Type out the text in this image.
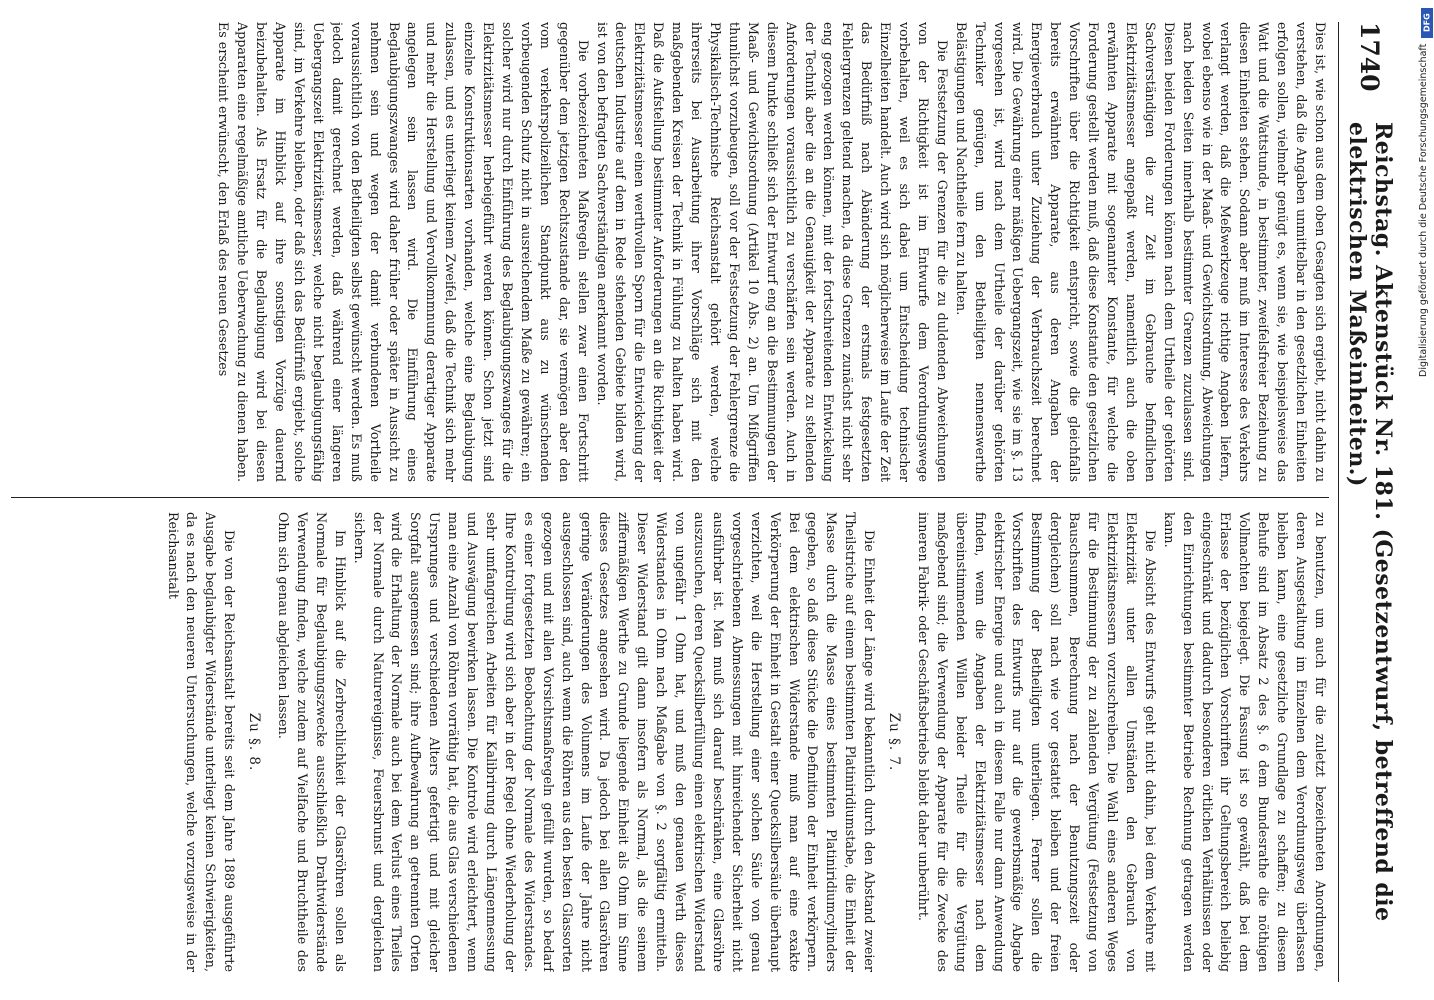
1740
Reichstag. Aktenstück Nr. 181. (Gesetzentwurf, betreffend die elektrischen Maßeinheiten.)

Dies ist, wie schon aus dem oben Gesagten sich ergiebt, nicht dahin zu verstehen, daß die Angaben unmittelbar in den gesetzlichen Einheiten erfolgen sollen, vielmehr genügt es, wenn sie, wie beispielsweise das Watt und die Wattstunde, in bestimmter, zweifelsfreier Beziehung zu diesen Einheiten stehen. Sodann aber muß im Interesse des Verkehrs verlangt werden, daß die Meßwerkzeuge richtige Angaben liefern, wobei ebenso wie in der Maaß- und Gewichtsordnung, Abweichungen nach beiden Seiten innerhalb bestimmter Grenzen zuzulassen sind. Diesen beiden Forderungen können nach dem Urtheile der gehörten Sachverständigen die zur Zeit im Gebrauche befindlichen Elektrizitätsmesser angepaßt werden, namentlich auch die oben erwähnten Apparate mit sogenannter Konstante, für welche die Forderung gestellt werden muß, daß diese Konstante den gesetzlichen Vorschriften über die Richtigkeit entspricht, sowie die gleichfalls bereits erwähnten Apparate, aus deren Angaben der Energieverbrauch unter Zuziehung der Verbrauchszeit berechnet wird. Die Gewährung einer mäßigen Uebergangszeit, wie sie im §. 13 vorgesehen ist, wird nach dem Urtheile der darüber gehörten Techniker genügen, um den Betheiligten nennenswerthe Belästigungen und Nachtheile fern zu halten.

Die Festsetzung der Grenzen für die zu duldenden Abweichungen von der Richtigkeit ist im Entwurfe dem Verordnungswege vorbehalten, weil es sich dabei um Entscheidung technischer Einzelheiten handelt. Auch wird sich möglicherweise im Laufe der Zeit das Bedürfniß nach Abänderung der erstmals festgesetzten Fehlergrenzen geltend machen, da diese Grenzen zunächst nicht sehr eng gezogen werden können, mit der fortschreitenden Entwickelung der Technik aber die an die Genauigkeit der Apparate zu stellenden Anforderungen voraussichtlich zu verschärfen sein werden. Auch in diesem Punkte schließt sich der Entwurf eng an die Bestimmungen der Maaß- und Gewichtsordnung (Artikel 10 Abs. 2) an. Um Mißgriffen thunlichst vorzubeugen, soll vor der Festsetzung der Fehlergrenze die Physikalisch-Technische Reichsanstalt gehört werden, welche ihrerseits bei Ausarbeitung ihrer Vorschläge sich mit den maßgebenden Kreisen der Technik in Fühlung zu halten haben wird. Daß die Aufstellung bestimmter Anforderungen an die Richtigkeit der Elektrizitätsmesser einen werthvollen Sporn für die Entwickelung der deutschen Industrie auf dem in Rede stehenden Gebiete bilden wird, ist von den befragten Sachverständigen anerkannt worden.

Die vorbezeichneten Maßregeln stellen zwar einen Fortschritt gegenüber dem jetzigen Rechtszustande dar, sie vermögen aber den vom verkehrspolizeilichen Standpunkt aus zu wünschenden vorbeugenden Schutz nicht in ausreichendem Maße zu gewähren; ein solcher wird nur durch Einführung des Beglaubigungszwanges für die Elektrizitätsmesser herbeigeführt werden können. Schon jetzt sind einzelne Konstruktionsarten vorhanden, welche eine Beglaubigung zulassen, und es unterliegt keinem Zweifel, daß die Technik sich mehr und mehr die Herstellung und Vervollkommnung derartiger Apparate angelegen sein lassen wird. Die Einführung eines Beglaubigungszwanges wird daher früher oder später in Aussicht zu nehmen sein und wegen der damit verbundenen Vortheile voraussichtlich von den Betheiligten selbst gewünscht werden. Es muß jedoch damit gerechnet werden, daß während einer längeren Uebergangszeit Elektrizitätsmesser, welche nicht beglaubigungsfähig sind, im Verkehre bleiben, oder daß sich das Bedürfniß ergiebt, solche Apparate im Hinblick auf ihre sonstigen Vorzüge dauernd beizubehalten. Als Ersatz für die Beglaubigung wird bei diesen Apparaten eine regelmäßige amtliche Ueberwachung zu dienen haben. Es erscheint erwünscht, den Erlaß des neuen Gesetzes

zu benutzen, um auch für die zuletzt bezeichneten Anordnungen, deren Ausgestaltung im Einzelnen dem Verordnungsweg überlassen bleiben kann, eine gesetzliche Grundlage zu schaffen; zu diesem Behufe sind im Absatz 2 des §. 6 dem Bundesrathe die nöthigen Vollmachten beigelegt. Die Fassung ist so gewählt, daß bei dem Erlasse der bezüglichen Vorschriften ihr Geltungsbereich beliebig eingeschränkt und dadurch besonderen örtlichen Verhältnissen oder den Einrichtungen bestimmter Betriebe Rechnung getragen werden kann.

Die Absicht des Entwurfs geht nicht dahin, bei dem Verkehre mit Elektrizität unter allen Umständen den Gebrauch von Elektrizitätsmessern vorzuschreiben. Die Wahl eines anderen Weges für die Bestimmung der zu zahlenden Vergütung (Festsetzung von Bauschsummen, Berechnung nach der Benutzungszeit oder dergleichen) soll nach wie vor gestattet bleiben und der freien Bestimmung der Betheiligten unterliegen. Ferner sollen die Vorschriften des Entwurfs nur auf die gewerbsmäßige Abgabe elektrischer Energie und auch in diesem Falle nur dann Anwendung finden, wenn die Angaben der Elektrizitätsmesser nach dem übereinstimmenden Willen beider Theile für die Vergütung maßgebend sind; die Verwendung der Apparate für die Zwecke des inneren Fabrik- oder Geschäftsbetriebs bleibt daher unberührt.

Zu §. 7.

Die Einheit der Länge wird bekanntlich durch den Abstand zweier Theilstriche auf einem bestimmten Platiniridiumstabe, die Einheit der Masse durch die Masse eines bestimmten Platiniridiumcylinders gegeben, so daß diese Stücke die Definition der Einheit verkörpern. Bei dem elektrischen Widerstande muß man auf eine exakte Verkörperung der Einheit in Gestalt einer Quecksilbersäule überhaupt verzichten, weil die Herstellung einer solchen Säule von genau vorgeschriebenen Abmessungen mit hinreichender Sicherheit nicht ausführbar ist. Man muß sich darauf beschränken, eine Glasröhre auszusuchen, deren Quecksilberfüllung einen elektrischen Widerstand von ungefähr 1 Ohm hat, und muß den genauen Werth dieses Widerstandes in Ohm nach Maßgabe von §. 2 sorgfältig ermitteln. Dieser Widerstand gilt dann insofern als Normal, als die seinem ziffermäßigen Werthe zu Grunde liegende Einheit als Ohm im Sinne dieses Gesetzes angesehen wird. Da jedoch bei allen Glasröhren geringe Veränderungen des Volumens im Laufe der Jahre nicht ausgeschlossen sind, auch wenn die Röhren aus den besten Glassorten gezogen und mit allen Vorsichtsmaßregeln gefüllt wurden, so bedarf es einer fortgesetzten Beobachtung der Normale des Widerstandes. Ihre Kontrolirung wird sich aber in der Regel ohne Wiederholung der sehr umfangreichen Arbeiten für Kalibrirung durch Längenmessung und Auswägung bewirken lassen. Die Kontrole wird erleichtert, wenn man eine Anzahl von Röhren vorräthig hat, die aus Glas verschiedenen Ursprunges und verschiedenen Alters gefertigt und mit gleicher Sorgfalt ausgemessen sind; ihre Aufbewahrung an getrennten Orten wird die Erhaltung der Normale auch bei dem Verlust eines Theiles der Normale durch Naturereignisse, Feuersbrunst und dergleichen sichern.

Im Hinblick auf die Zerbrechlichkeit der Glasröhren sollen als Normale für Beglaubigungszwecke ausschließlich Drahtwiderstände Verwendung finden, welche zudem auf Vielfache und Bruchtheile des Ohm sich genau abgleichen lassen.

Zu §. 8.

Die von der Reichsanstalt bereits seit dem Jahre 1889 ausgeführte Ausgabe beglaubigter Widerstände unterliegt keinen Schwierigkeiten, da es nach den neueren Untersuchungen, welche vorzugsweise in der Reichsanstalt

DFG
Digitalisierung gefördert durch die Deutsche Forschungsgemeinschaft
